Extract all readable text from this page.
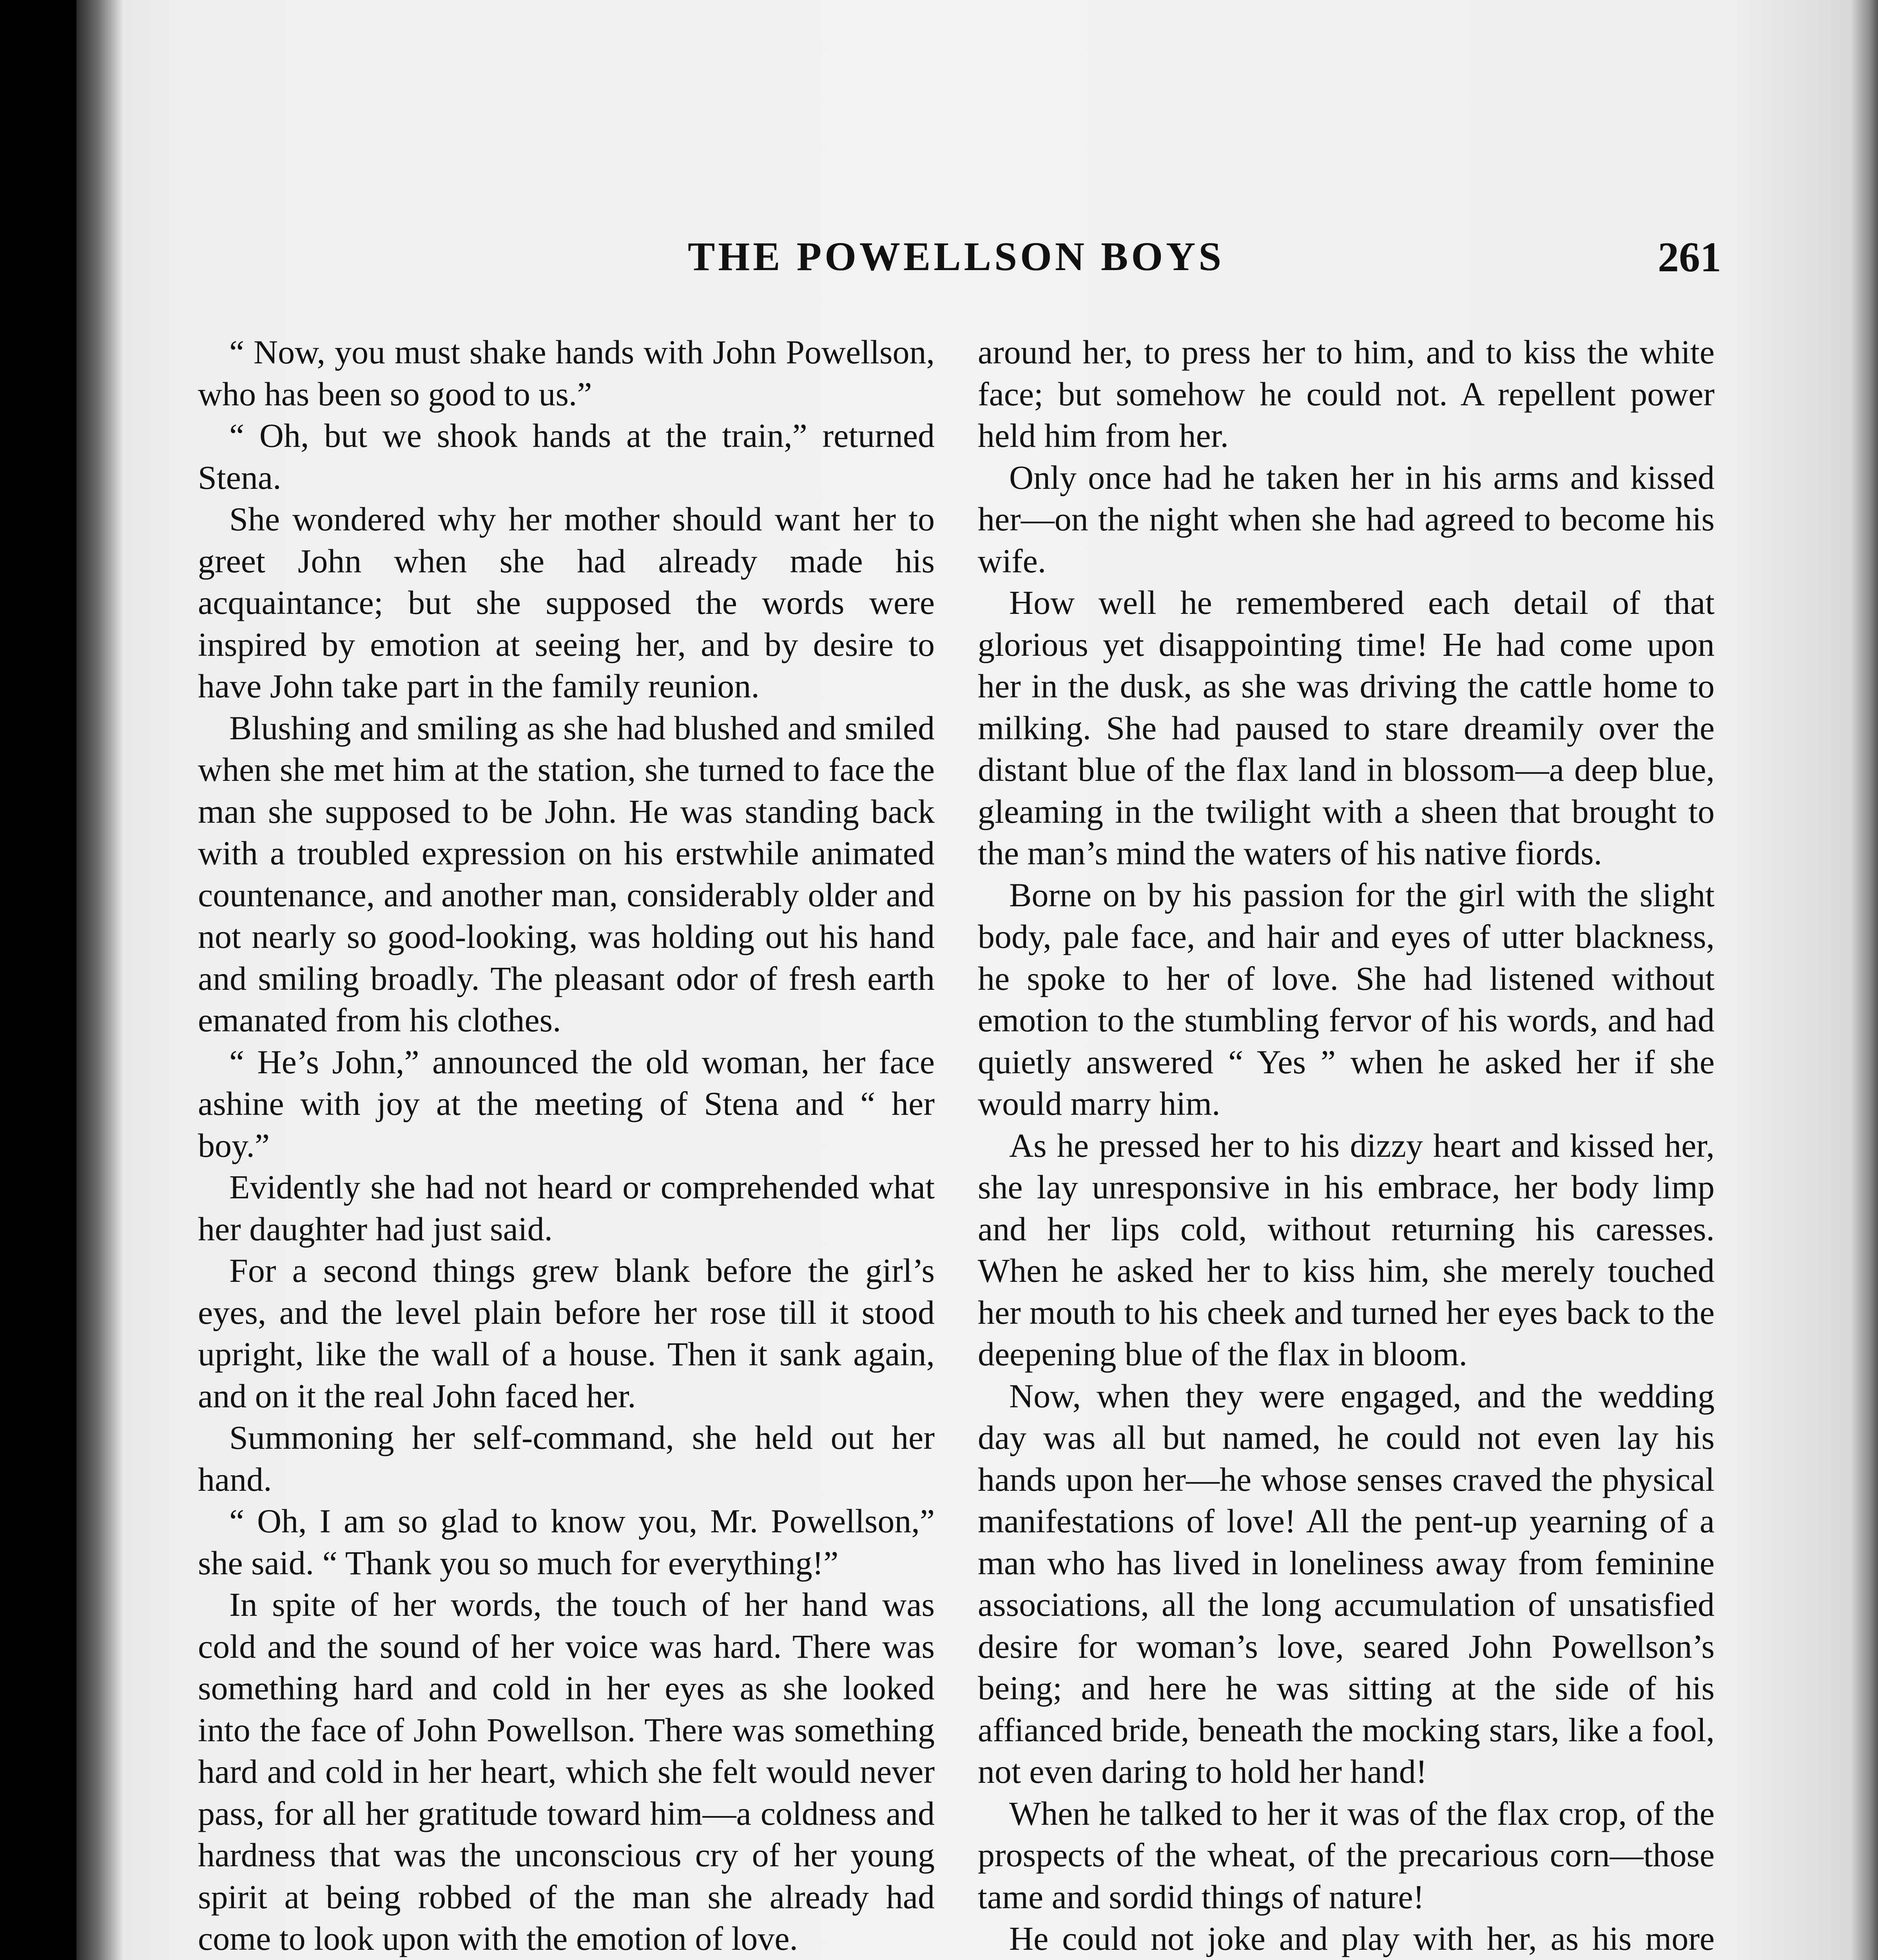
THE POWELLSON BOYS	261

“ Now, you must shake hands with John Powellson, who has been so good to us.”

“ Oh, but we shook hands at the train,” returned Stena.

She wondered why her mother should want her to greet John when she had already made his acquaintance; but she supposed the words were inspired by emotion at seeing her, and by desire to have John take part in the family reunion.

Blushing and smiling as she had blushed and smiled when she met him at the station, she turned to face the man she supposed to be John. He was standing back with a troubled expression on his erstwhile animated countenance, and another man, considerably older and not nearly so good-looking, was holding out his hand and smiling broadly. The pleasant odor of fresh earth emanated from his clothes.

“ He’s John,” announced the old woman, her face ashine with joy at the meeting of Stena and “ her boy.”

Evidently she had not heard or comprehended what her daughter had just said.

For a second things grew blank before the girl’s eyes, and the level plain before her rose till it stood upright, like the wall of a house. Then it sank again, and on it the real John faced her.

Summoning her self-command, she held out her hand.

“ Oh, I am so glad to know you, Mr. Powellson,” she said. “ Thank you so much for everything!”

In spite of her words, the touch of her hand was cold and the sound of her voice was hard. There was something hard and cold in her eyes as she looked into the face of John Powellson. There was something hard and cold in her heart, which she felt would never pass, for all her gratitude toward him—a coldness and hardness that was the unconscious cry of her young spirit at being robbed of the man she already had come to look upon with the emotion of love.

around her, to press her to him, and to kiss the white face; but somehow he could not. A repellent power held him from her.

Only once had he taken her in his arms and kissed her—on the night when she had agreed to become his wife.

How well he remembered each detail of that glorious yet disappointing time! He had come upon her in the dusk, as she was driving the cattle home to milking. She had paused to stare dreamily over the distant blue of the flax land in blossom—a deep blue, gleaming in the twilight with a sheen that brought to the man’s mind the waters of his native fiords.

Borne on by his passion for the girl with the slight body, pale face, and hair and eyes of utter blackness, he spoke to her of love. She had listened without emotion to the stumbling fervor of his words, and had quietly answered “ Yes ” when he asked her if she would marry him.

As he pressed her to his dizzy heart and kissed her, she lay unresponsive in his embrace, her body limp and her lips cold, without returning his caresses. When he asked her to kiss him, she merely touched her mouth to his cheek and turned her eyes back to the deepening blue of the flax in bloom.

Now, when they were engaged, and the wedding day was all but named, he could not even lay his hands upon her—he whose senses craved the physical manifestations of love! All the pent-up yearning of a man who has lived in loneliness away from feminine associations, all the long accumulation of unsatisfied desire for woman’s love, seared John Powellson’s being; and here he was sitting at the side of his affianced bride, beneath the mocking stars, like a fool, not even daring to hold her hand!

When he talked to her it was of the flax crop, of the prospects of the wheat, of the precarious corn—those tame and sordid things of nature!

He could not joke and play with her, as his more
